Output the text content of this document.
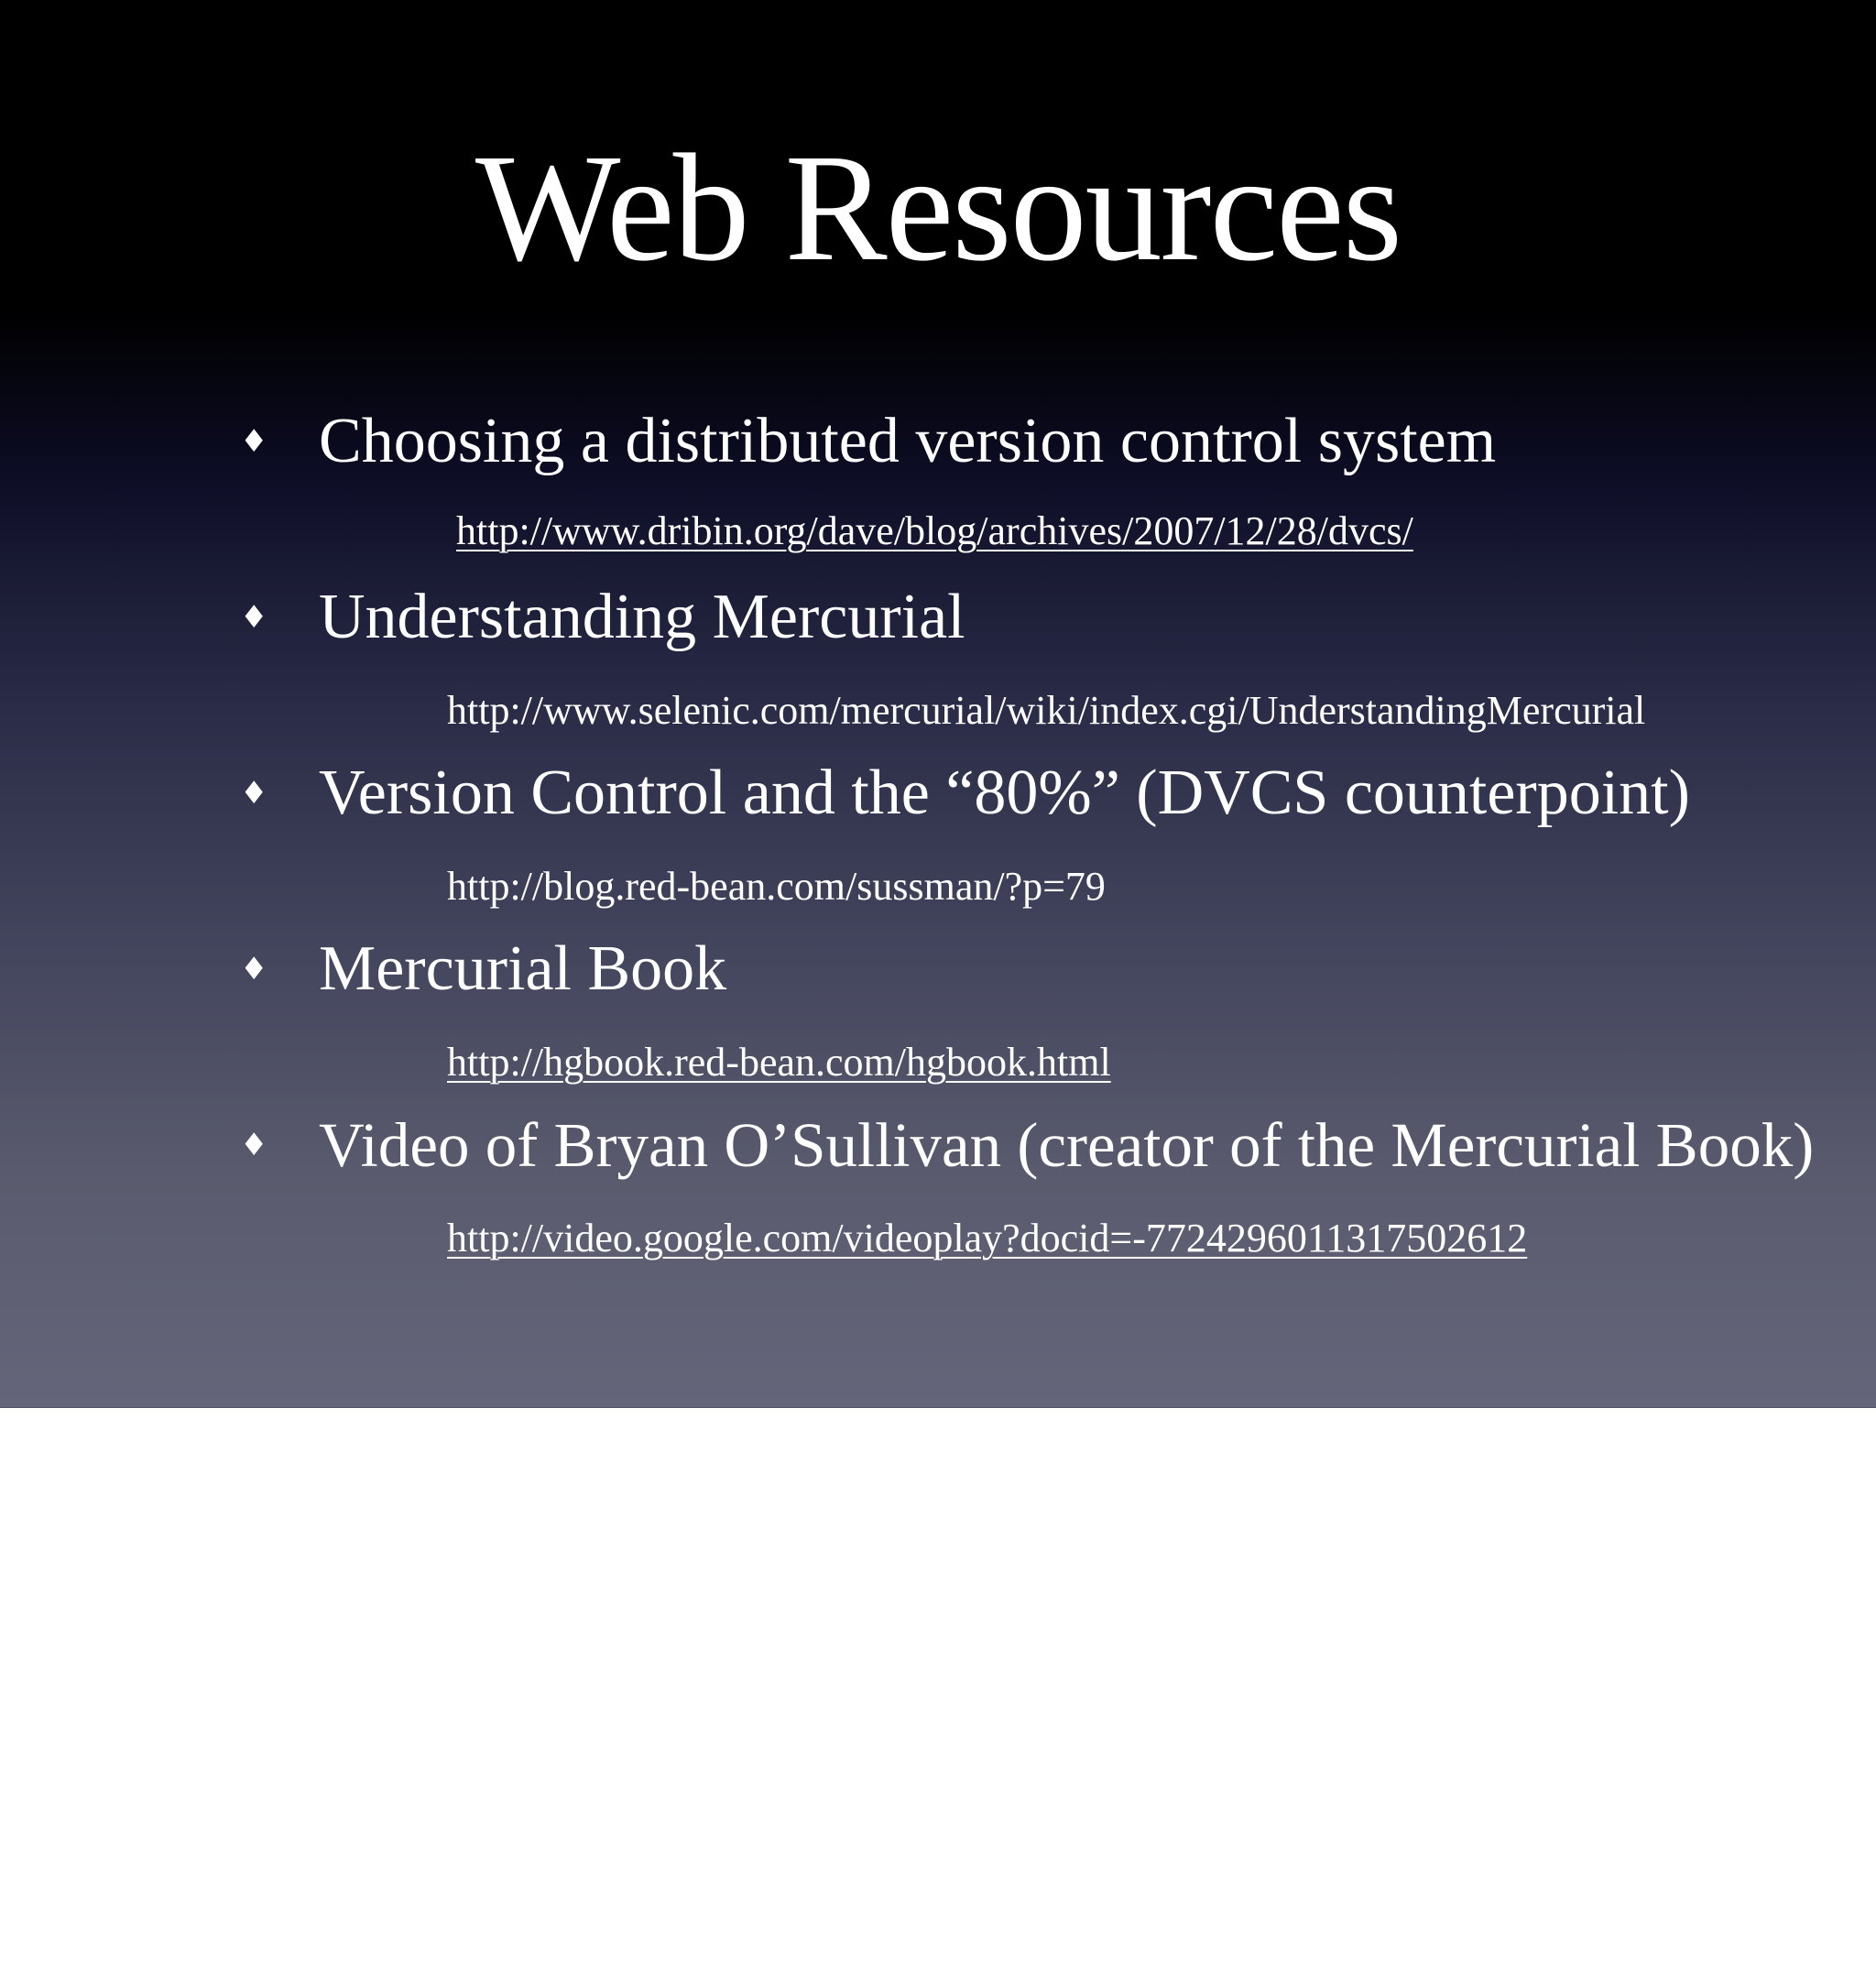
Web Resources
♦ Choosing a distributed version control system
http://www.dribin.org/dave/blog/archives/2007/12/28/dvcs/
♦ Understanding Mercurial
http://www.selenic.com/mercurial/wiki/index.cgi/UnderstandingMercurial
♦ Version Control and the “80%” (DVCS counterpoint)
http://blog.red-bean.com/sussman/?p=79
♦ Mercurial Book
http://hgbook.red-bean.com/hgbook.html
♦ Video of Bryan O’Sullivan (creator of the Mercurial Book)
http://video.google.com/videoplay?docid=-7724296011317502612
